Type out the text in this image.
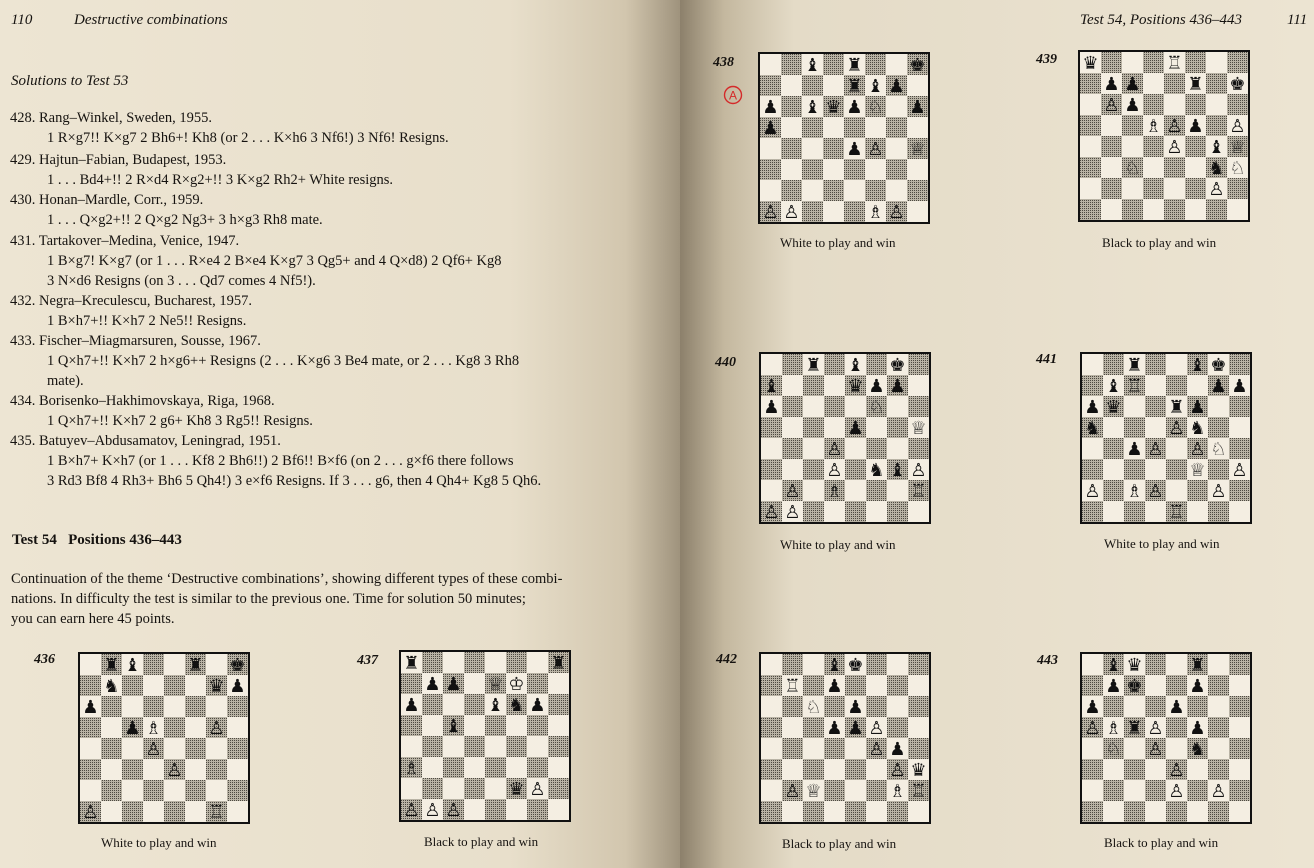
110	Destructive combinations
Solutions to Test 53
428. Rang–Winkel, Sweden, 1955.
1 R×g7!! K×g7 2 Bh6+! Kh8 (or 2 . . . K×h6 3 Nf6!) 3 Nf6! Resigns.
429. Hajtun–Fabian, Budapest, 1953.
1 . . . Bd4+!! 2 R×d4 R×g2+!! 3 K×g2 Rh2+ White resigns.
430. Honan–Mardle, Corr., 1959.
1 . . . Q×g2+!! 2 Q×g2 Ng3+ 3 h×g3 Rh8 mate.
431. Tartakover–Medina, Venice, 1947.
1 B×g7! K×g7 (or 1 . . . R×e4 2 B×e4 K×g7 3 Qg5+ and 4 Q×d8) 2 Qf6+ Kg8
3 N×d6 Resigns (on 3 . . . Qd7 comes 4 Nf5!).
432. Negra–Kreculescu, Bucharest, 1957.
1 B×h7+!! K×h7 2 Ne5!! Resigns.
433. Fischer–Miagmarsuren, Sousse, 1967.
1 Q×h7+!! K×h7 2 h×g6++ Resigns (2 . . . K×g6 3 Be4 mate, or 2 . . . Kg8 3 Rh8
mate).
434. Borisenko–Hakhimovskaya, Riga, 1968.
1 Q×h7+!! K×h7 2 g6+ Kh8 3 Rg5!! Resigns.
435. Batuyev–Abdusamatov, Leningrad, 1951.
1 B×h7+ K×h7 (or 1 . . . Kf8 2 Bh6!!) 2 Bf6!! B×f6 (on 2 . . . g×f6 there follows
3 Rd3 Bf8 4 Rh3+ Bh6 5 Qh4!) 3 e×f6 Resigns. If 3 . . . g6, then 4 Qh4+ Kg8 5 Qh6.
Test 54   Positions 436–443
Continuation of the theme ‘Destructive combinations’, showing different types of these combi-
nations. In difficulty the test is similar to the previous one. Time for solution 50 minutes;
you can earn here 45 points.
Test 54, Positions 436–443	111
A
436	♜ ♝	♜ ♚
♞	♛ ♟
♟
♟ ♗	♙
♙
♙
♙	♖
White to play and win
437 ♜	♜
♟ ♟ ♕ ♔
♟	♝ ♞ ♟
♝
♗
♛ ♙
♙ ♙ ♙
Black to play and win
438	♝ ♜	♚
♜ ♝ ♟
♟ ♝ ♛ ♟ ♘ ♟
♟
♟ ♙ ♕
♙ ♙	♗ ♙
White to play and win
439 ♛	♖
♟ ♟	♜ ♚
♙ ♟
♗ ♙ ♟ ♙
♙ ♝ ♕
♘	♞ ♘
♙
Black to play and win
440	♜ ♝ ♚
♝	♛ ♟ ♟
♟	♘
♟	♕
♙
♙ ♞ ♝ ♙
♙ ♗	♖
♙ ♙
White to play and win
441	♜	♝ ♚
♝ ♖	♟ ♟
♟ ♛	♜ ♟
♞	♙ ♞
♟ ♙ ♙ ♘
♕ ♙
♙ ♗ ♙	♙
♖
White to play and win
442	♝ ♚
♖ ♟
♘ ♟
♟ ♟ ♙
♙ ♟
♙ ♛
♙ ♕	♗ ♖
Black to play and win
443	♝ ♛	♜
♟ ♚	♟
♟	♟
♙ ♗ ♜ ♙ ♟
♘ ♙ ♞
♙
♙ ♙
Black to play and win
